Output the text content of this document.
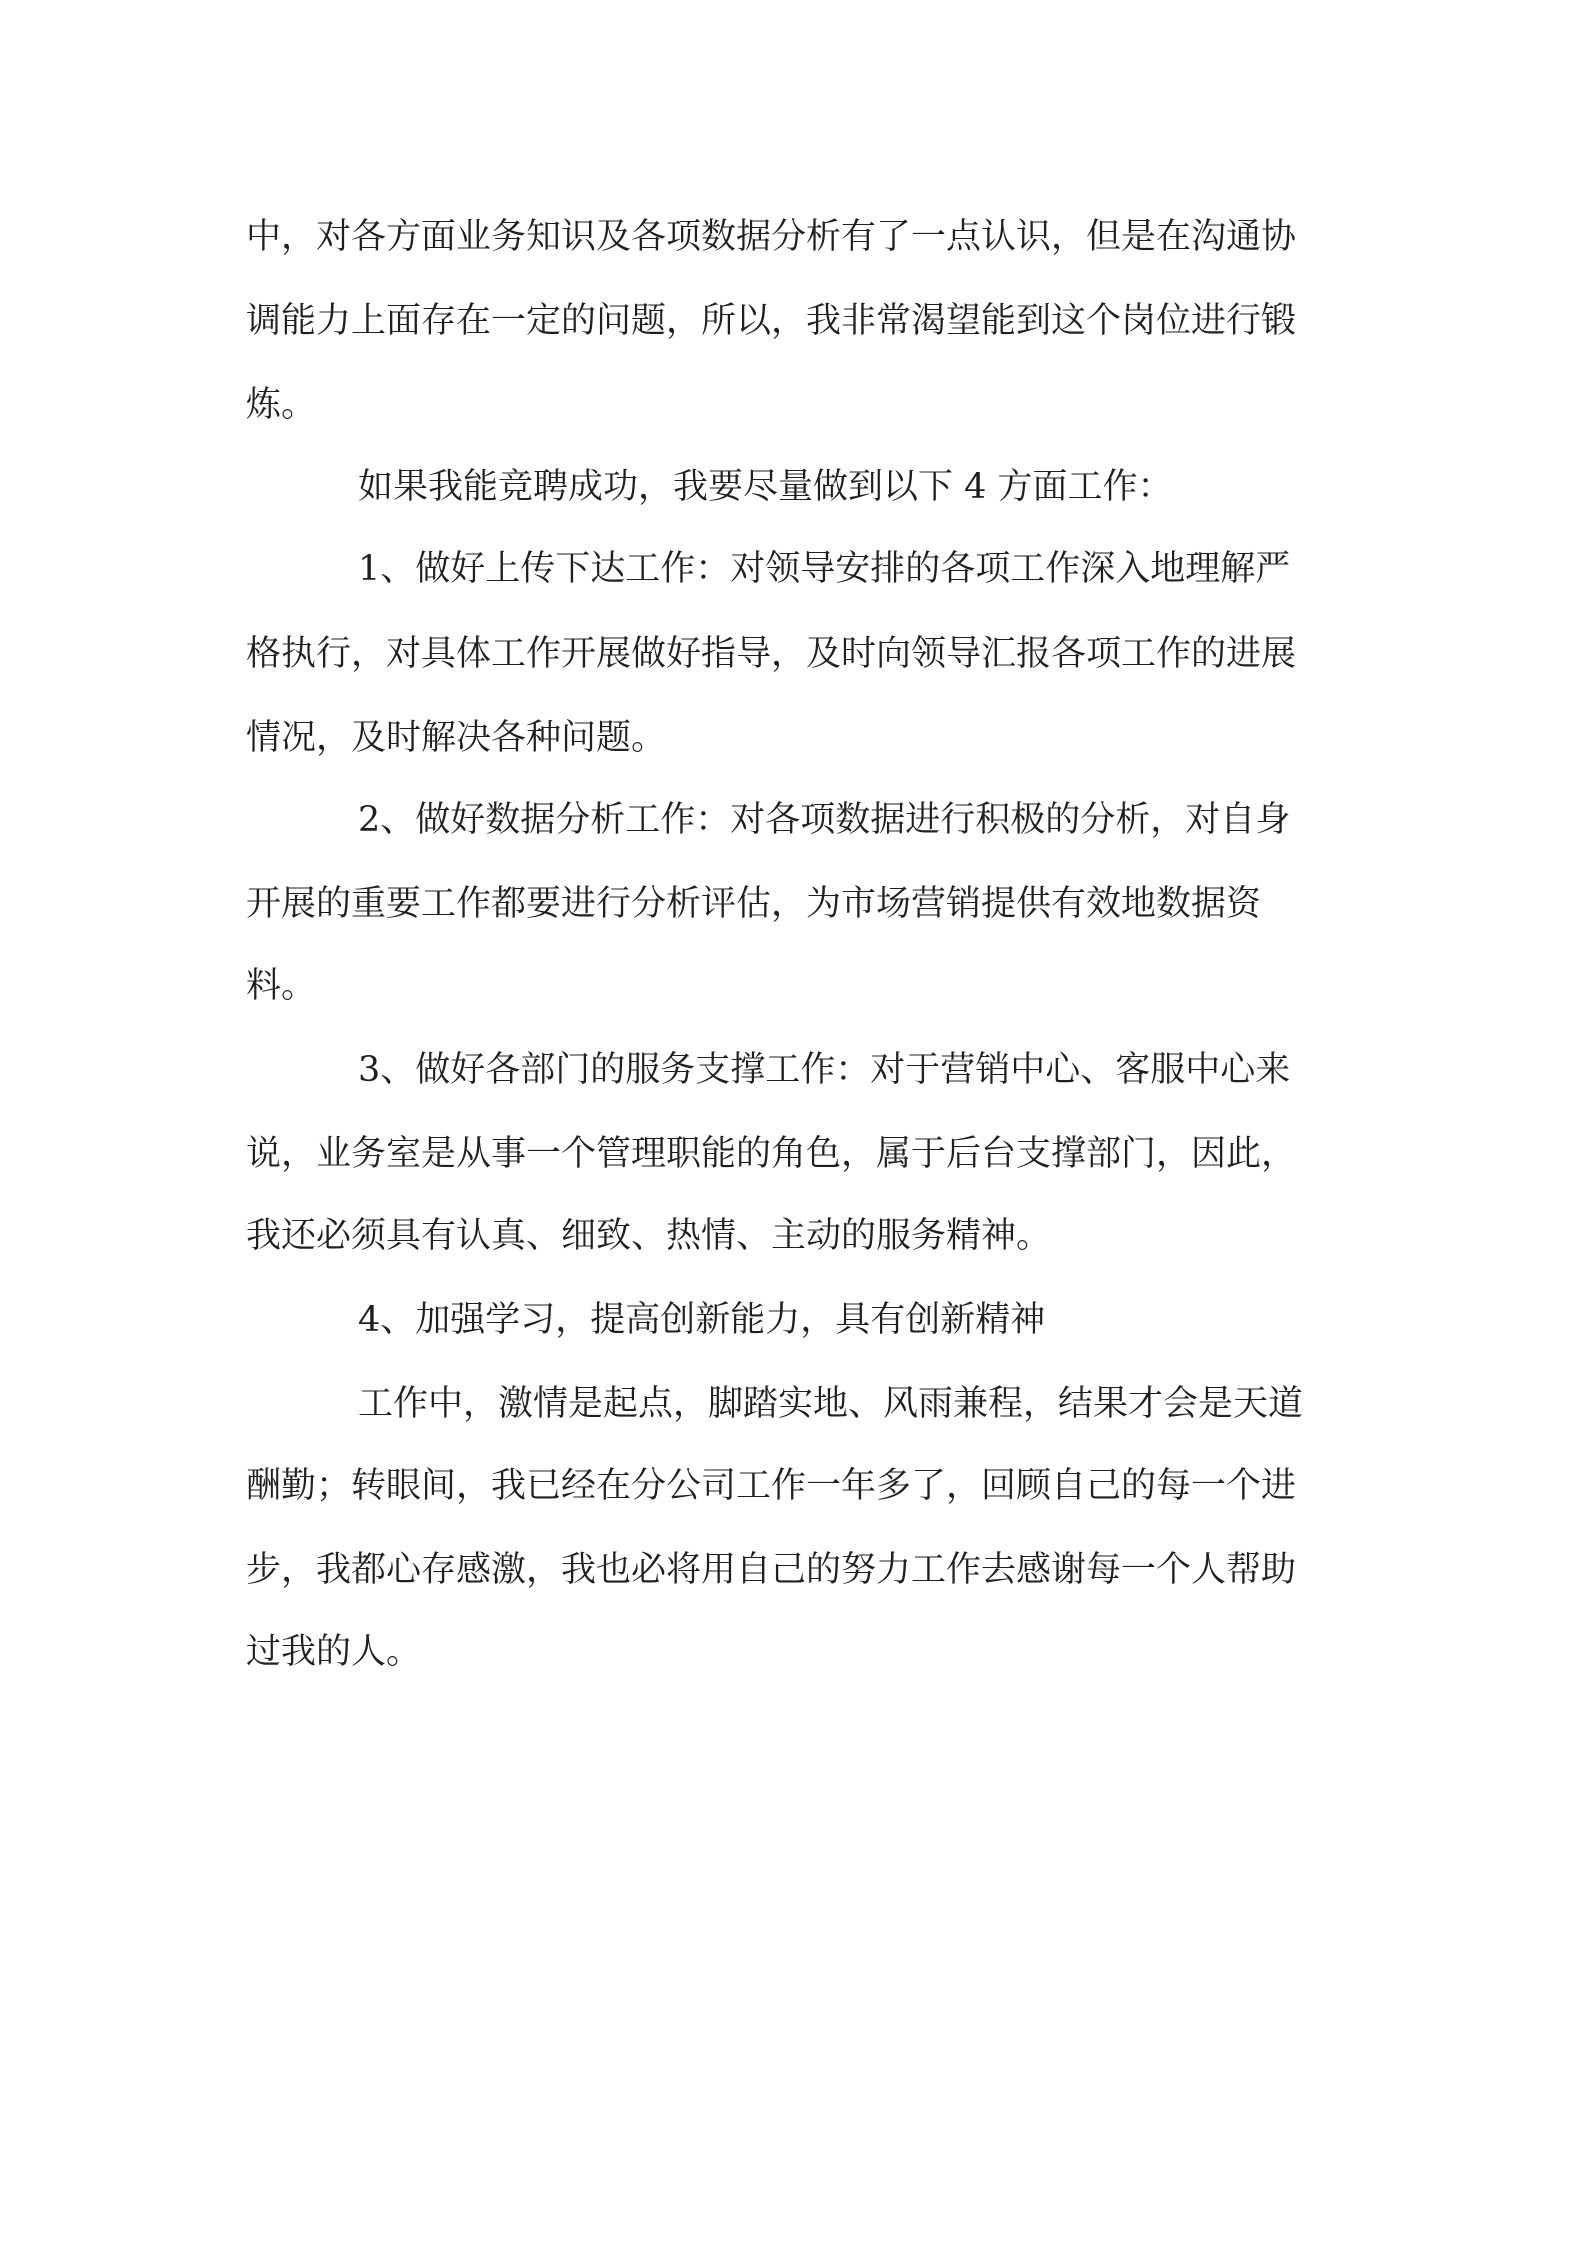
中，对各方面业务知识及各项数据分析有了一点认识，但是在沟通协

调能力上面存在一定的问题，所以，我非常渴望能到这个岗位进行锻

炼。

如果我能竞聘成功，我要尽量做到以下 4 方面工作：

1、做好上传下达工作：对领导安排的各项工作深入地理解严

格执行，对具体工作开展做好指导，及时向领导汇报各项工作的进展

情况，及时解决各种问题。

2、做好数据分析工作：对各项数据进行积极的分析，对自身

开展的重要工作都要进行分析评估，为市场营销提供有效地数据资

料。

3、做好各部门的服务支撑工作：对于营销中心、客服中心来

说，业务室是从事一个管理职能的角色，属于后台支撑部门，因此，

我还必须具有认真、细致、热情、主动的服务精神。

4、加强学习，提高创新能力，具有创新精神

工作中，激情是起点，脚踏实地、风雨兼程，结果才会是天道

酬勤；转眼间，我已经在分公司工作一年多了，回顾自己的每一个进

步，我都心存感激，我也必将用自己的努力工作去感谢每一个人帮助

过我的人。
